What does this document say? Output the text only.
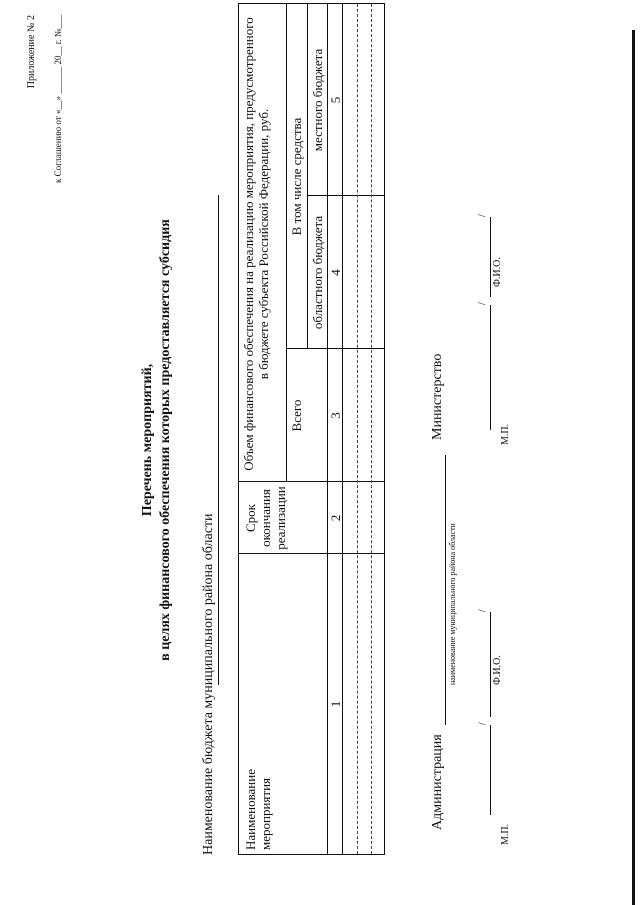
Приложение № 2 к Соглашению от «__» ______ 20__ г. №___
Перечень мероприятий, в целях финансового обеспечения которых предоставляется субсидия
Наименование бюджета муниципального района области Наименование мероприятия
Срок окончания реализации
Объем финансового обеспечения на реализацию мероприятия, предусмотренного в бюджете субъекта Российской Федерации, руб.
Всего
В том числе средства
областного бюджета
местного бюджета
1
2
3
4
5
Администрация
наименование муниципального района области
/
Ф.И.О.
/
М.П.
Министерство
/
Ф.И.О.
/
М.П.
